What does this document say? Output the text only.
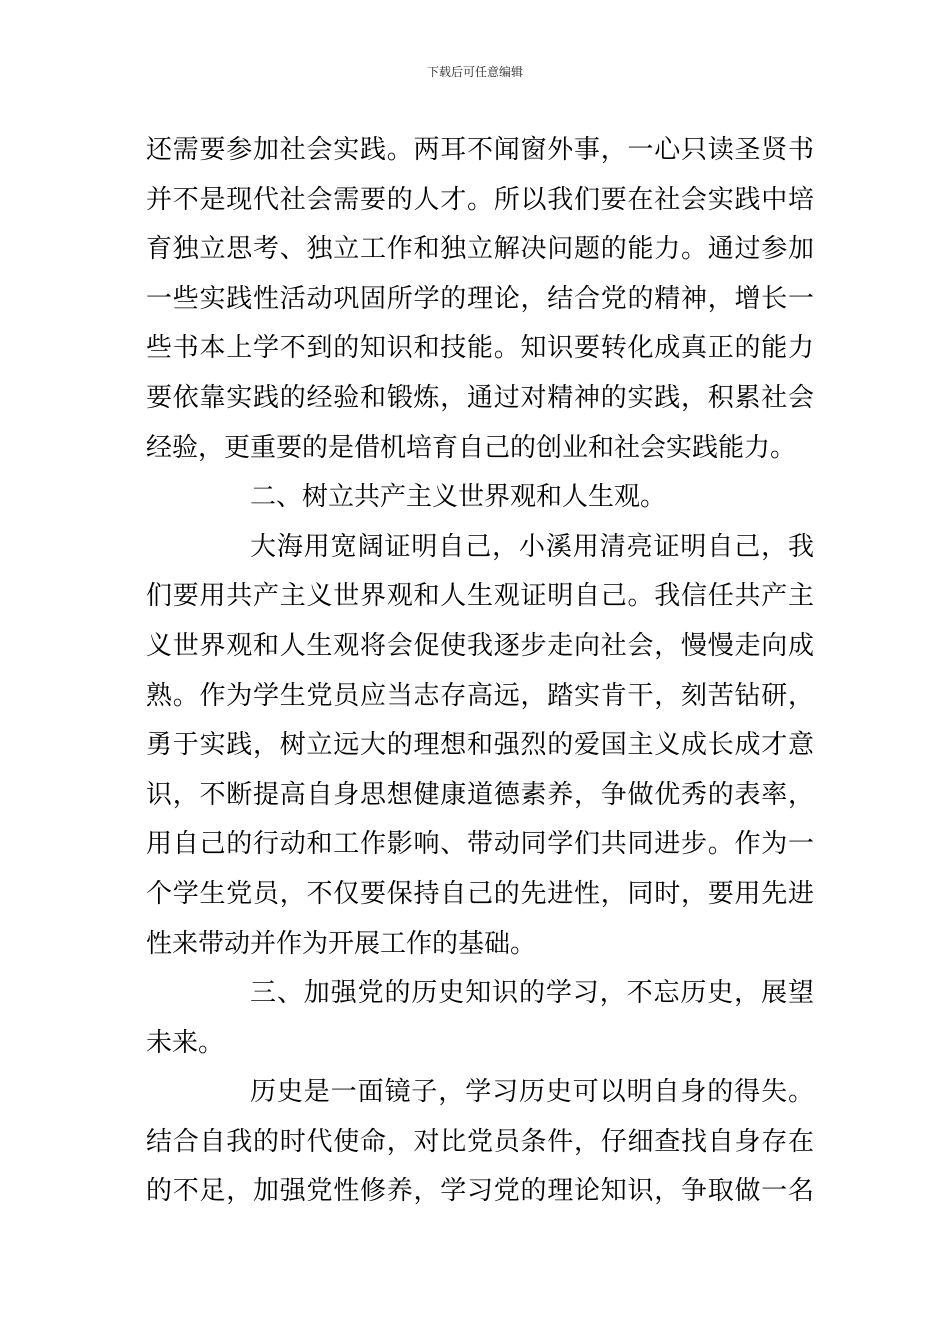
下载后可任意编辑
还需要参加社会实践。两耳不闻窗外事，一心只读圣贤书
并不是现代社会需要的人才。所以我们要在社会实践中培
育独立思考、独立工作和独立解决问题的能力。通过参加
一些实践性活动巩固所学的理论，结合党的精神，增长一
些书本上学不到的知识和技能。知识要转化成真正的能力
要依靠实践的经验和锻炼，通过对精神的实践，积累社会
经验，更重要的是借机培育自己的创业和社会实践能力。
二、树立共产主义世界观和人生观。
大海用宽阔证明自己，小溪用清亮证明自己，我
们要用共产主义世界观和人生观证明自己。我信任共产主
义世界观和人生观将会促使我逐步走向社会，慢慢走向成
熟。作为学生党员应当志存高远，踏实肯干，刻苦钻研，
勇于实践，树立远大的理想和强烈的爱国主义成长成才意
识，不断提高自身思想健康道德素养，争做优秀的表率，
用自己的行动和工作影响、带动同学们共同进步。作为一
个学生党员，不仅要保持自己的先进性，同时，要用先进
性来带动并作为开展工作的基础。
三、加强党的历史知识的学习，不忘历史，展望
未来。
历史是一面镜子，学习历史可以明自身的得失。
结合自我的时代使命，对比党员条件，仔细查找自身存在
的不足，加强党性修养，学习党的理论知识，争取做一名
